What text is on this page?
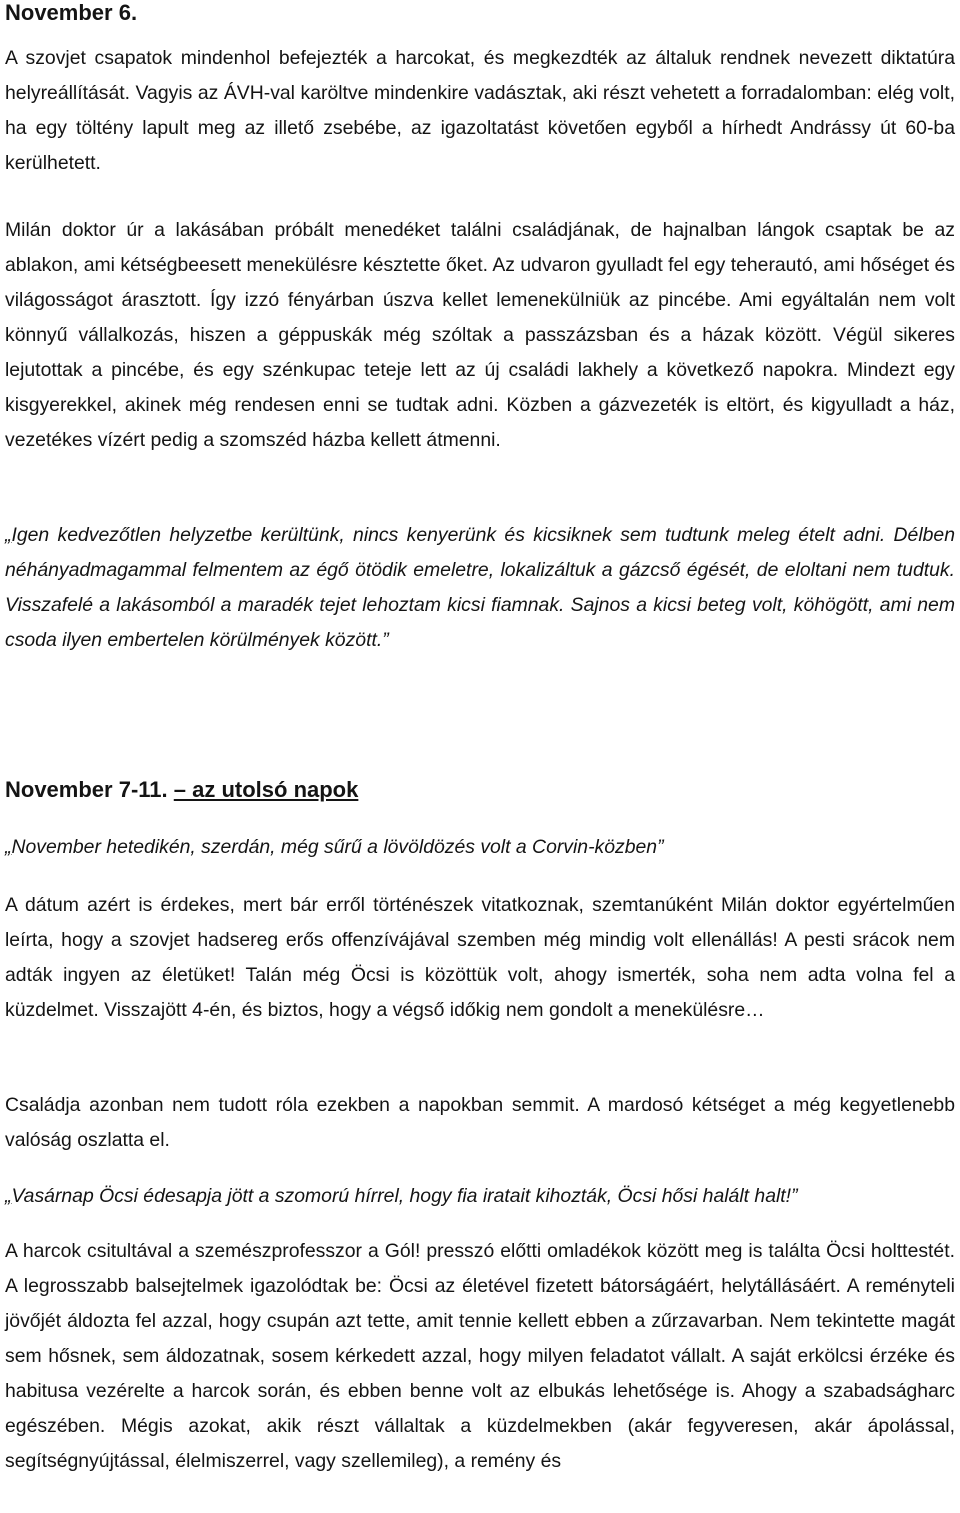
November 6.

A szovjet csapatok mindenhol befejezték a harcokat, és megkezdték az általuk rendnek nevezett diktatúra helyreállítását. Vagyis az ÁVH-val karöltve mindenkire vadásztak, aki részt vehetett a forradalomban: elég volt, ha egy töltény lapult meg az illető zsebébe, az igazoltatást követően egyből a hírhedt Andrássy út 60-ba kerülhetett.

Milán doktor úr a lakásában próbált menedéket találni családjának, de hajnalban lángok csaptak be az ablakon, ami kétségbeesett menekülésre késztette őket. Az udvaron gyulladt fel egy teherautó, ami hőséget és világosságot árasztott. Így izzó fényárban úszva kellet lemenekülniük az pincébe. Ami egyáltalán nem volt könnyű vállalkozás, hiszen a géppuskák még szóltak a passzázsban és a házak között. Végül sikeres lejutottak a pincébe, és egy szénkupac teteje lett az új családi lakhely a következő napokra. Mindezt egy kisgyerekkel, akinek még rendesen enni se tudtak adni. Közben a gázvezeték is eltört, és kigyulladt a ház, vezetékes vízért pedig a szomszéd házba kellett átmenni.

„Igen kedvezőtlen helyzetbe kerültünk, nincs kenyerünk és kicsiknek sem tudtunk meleg ételt adni. Délben néhányadmagammal felmentem az égő ötödik emeletre, lokalizáltuk a gázcső égését, de eloltani nem tudtuk. Visszafelé a lakásomból a maradék tejet lehoztam kicsi fiamnak. Sajnos a kicsi beteg volt, köhögött, ami nem csoda ilyen embertelen körülmények között.”

November 7-11. – az utolsó napok

„November hetedikén, szerdán, még sűrű a lövöldözés volt a Corvin-közben”

A dátum azért is érdekes, mert bár erről történészek vitatkoznak, szemtanúként Milán doktor egyértelműen leírta, hogy a szovjet hadsereg erős offenzívájával szemben még mindig volt ellenállás! A pesti srácok nem adták ingyen az életüket! Talán még Öcsi is közöttük volt, ahogy ismerték, soha nem adta volna fel a küzdelmet. Visszajött 4-én, és biztos, hogy a végső időkig nem gondolt a menekülésre…

Családja azonban nem tudott róla ezekben a napokban semmit. A mardosó kétséget a még kegyetlenebb valóság oszlatta el.

„Vasárnap Öcsi édesapja jött a szomorú hírrel, hogy fia iratait kihozták, Öcsi hősi halált halt!”

A harcok csitultával a szemészprofesszor a Gól! presszó előtti omladékok között meg is találta Öcsi holttestét. A legrosszabb balsejtelmek igazolódtak be: Öcsi az életével fizetett bátorságáért, helytállásáért. A reményteli jövőjét áldozta fel azzal, hogy csupán azt tette, amit tennie kellett ebben a zűrzavarban. Nem tekintette magát sem hősnek, sem áldozatnak, sosem kérkedett azzal, hogy milyen feladatot vállalt. A saját erkölcsi érzéke és habitusa vezérelte a harcok során, és ebben benne volt az elbukás lehetősége is. Ahogy a szabadságharc egészében. Mégis azokat, akik részt vállaltak a küzdelmekben (akár fegyveresen, akár ápolással, segítségnyújtással, élelmiszerrel, vagy szellemileg), a remény és
